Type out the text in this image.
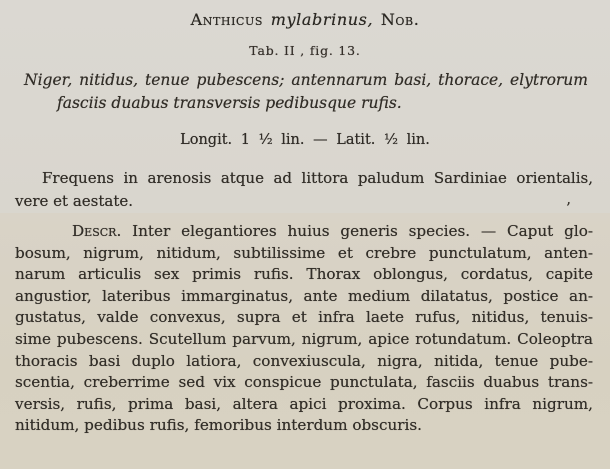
Anthicus mylabrinus, Nob.
Tab. II , fig. 13.
Niger, nitidus, tenue pubescens; antennarum basi, thorace, elytrorum
fasciis duabus transversis pedibusque rufis.
Longit. 1 ¹⁄₂ lin. — Latit. ¹⁄₂ lin.
Frequens in arenosis atque ad littora paludum Sardiniae orientalis,
vere et aestate.	’
Descr. Inter elegantiores huius generis species. — Caput glo-
bosum, nigrum, nitidum, subtilissime et crebre punctulatum, anten-
narum articulis sex primis rufis. Thorax oblongus, cordatus, capite
angustior, lateribus immarginatus, ante medium dilatatus, postice an-
gustatus, valde convexus, supra et infra laete rufus, nitidus, tenuis-
sime pubescens. Scutellum parvum, nigrum, apice rotundatum. Coleoptra
thoracis basi duplo latiora, convexiuscula, nigra, nitida, tenue pube-
scentia, creberrime sed vix conspicue punctulata, fasciis duabus trans-
versis, rufis, prima basi, altera apici proxima. Corpus infra nigrum,
nitidum, pedibus rufis, femoribus interdum obscuris.
